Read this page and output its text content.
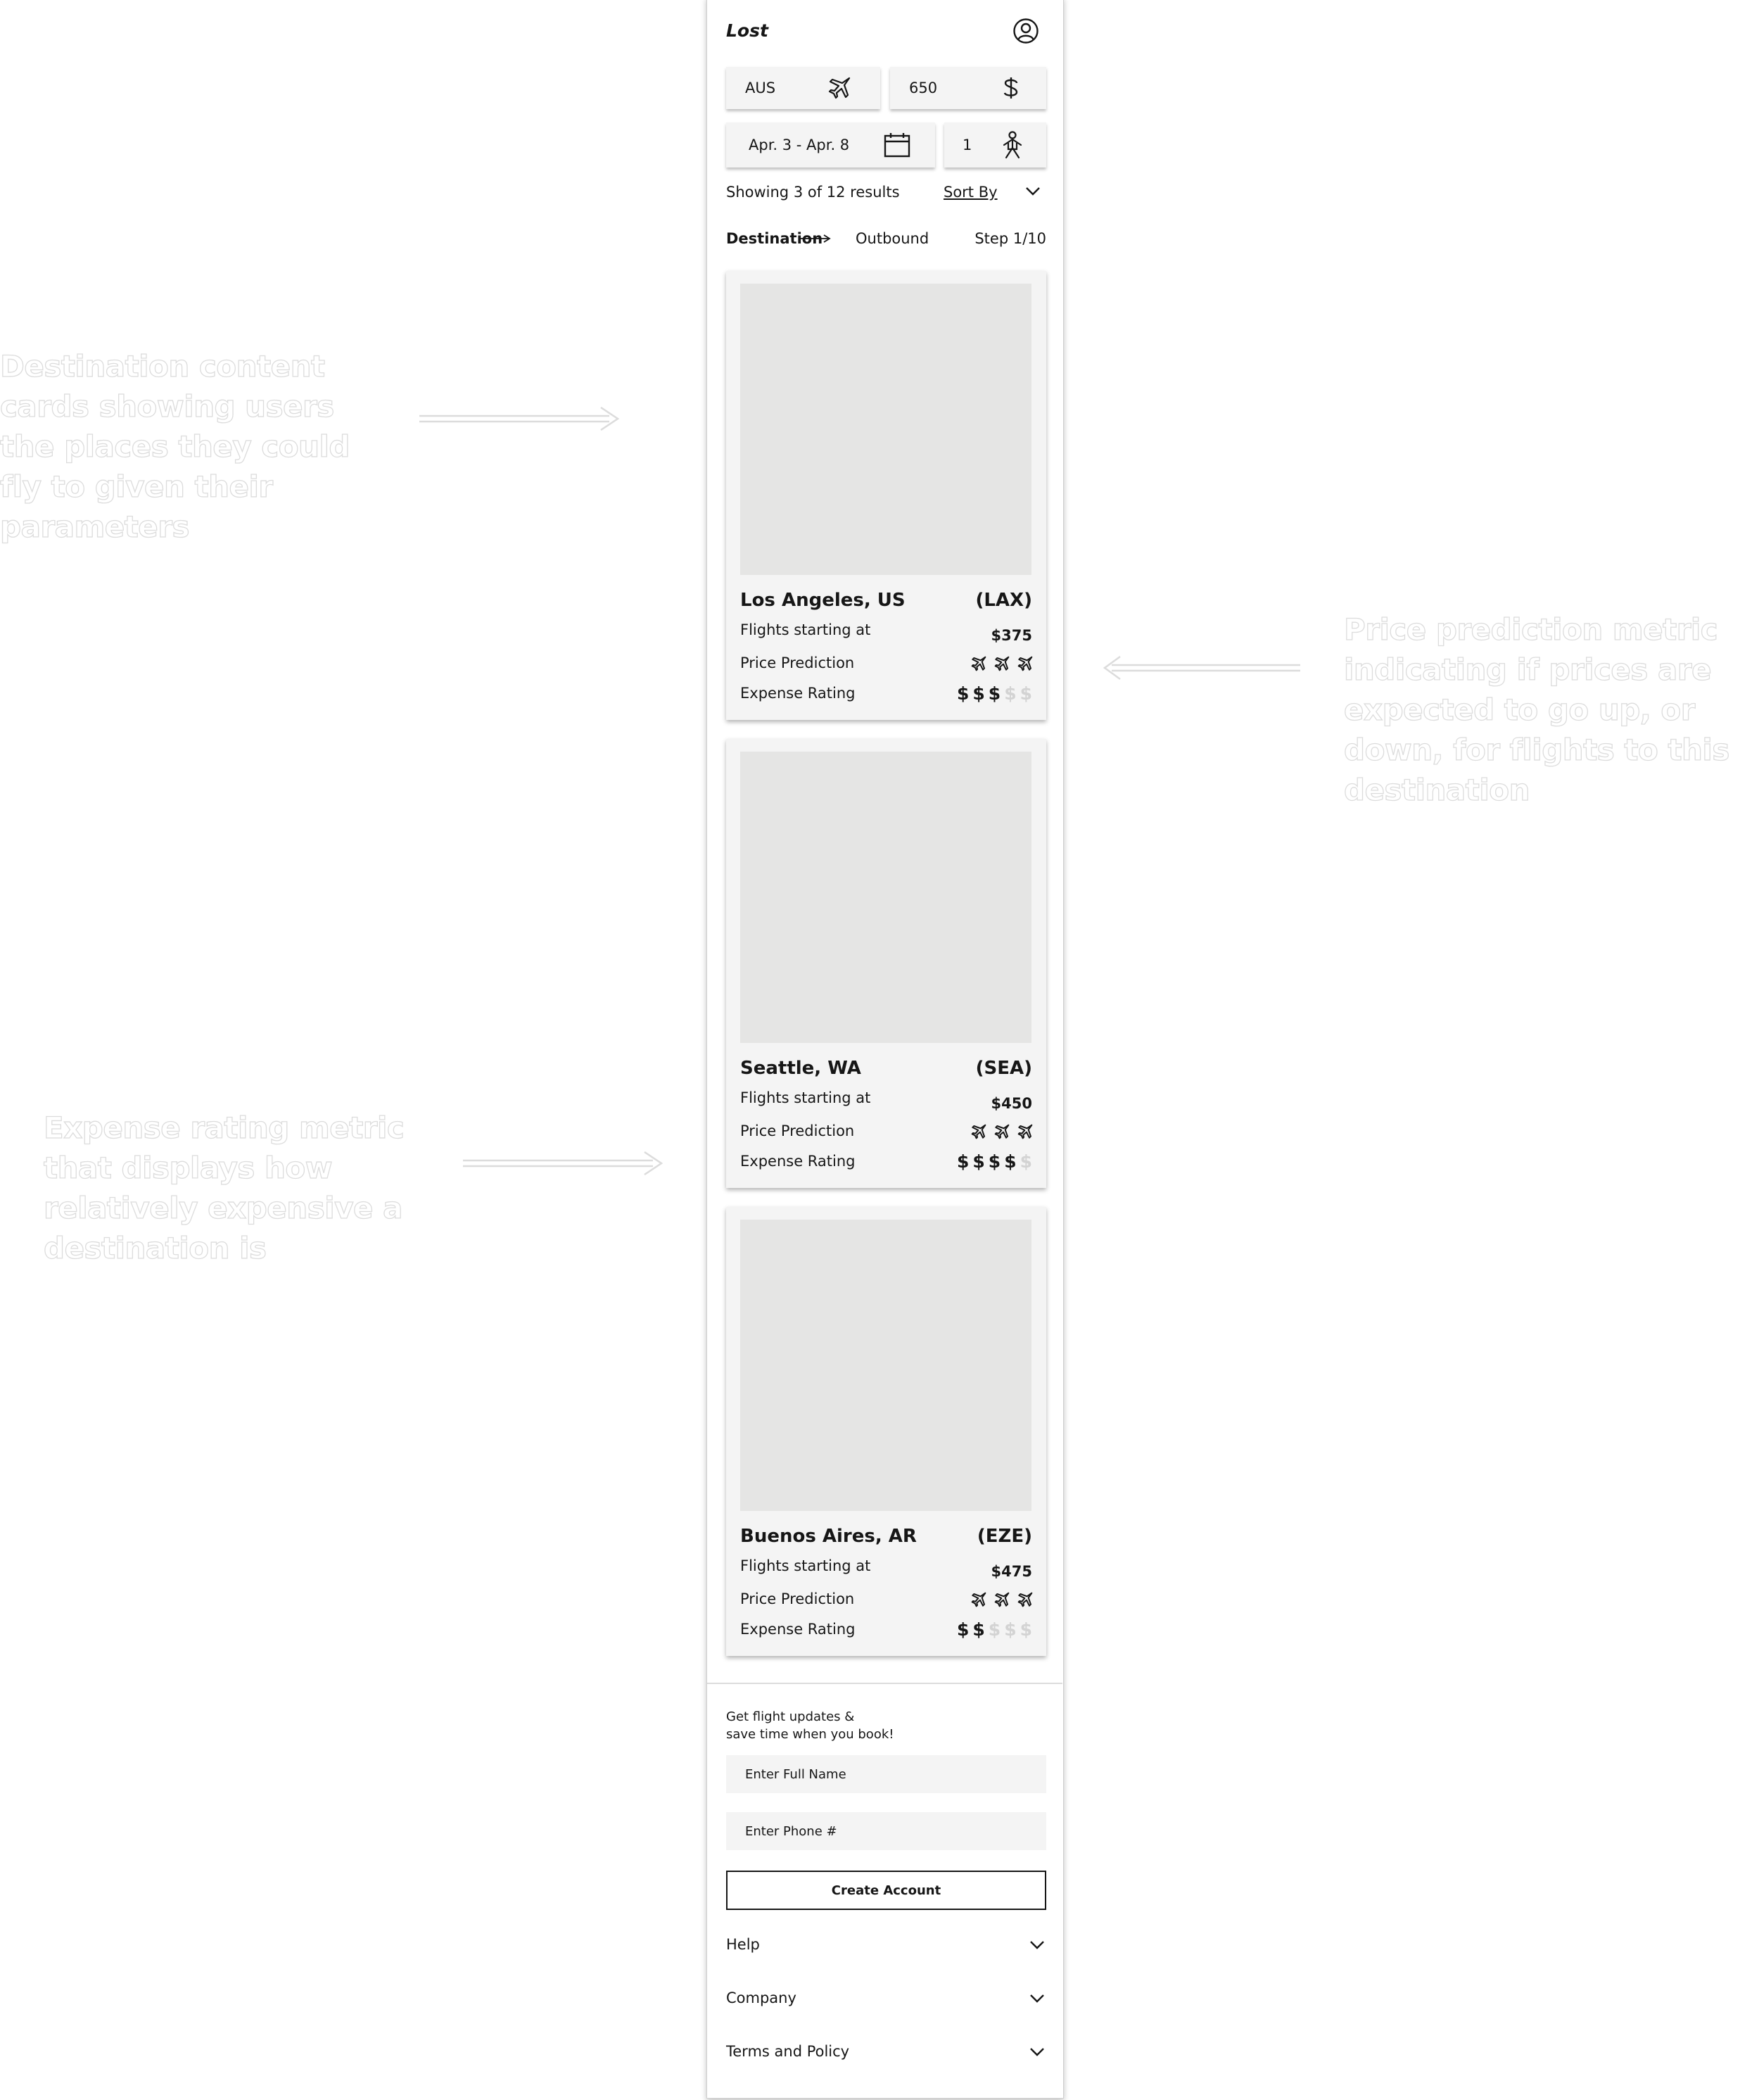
Destination content cards showing users the places they could fly to given their parameters
Price prediction metric indicating if prices are expected to go up, or down, for flights to this destination
Expense rating metric that displays how relatively expensive a destination is
Lost
AUS	650
Apr. 3 - Apr. 8	1
Showing 3 of 12 results	Sort By
Destination Outbound	Step 1/10
Los Angeles, US	(LAX)
Flights starting at	$375
Price Prediction
Expense Rating	$ $ $ $ $
Seattle, WA	(SEA)
Flights starting at	$450
Price Prediction
Expense Rating	$ $ $ $ $
Buenos Aires, AR	(EZE)
Flights starting at	$475
Price Prediction
Expense Rating	$ $ $ $ $
Get flight updates &
save time when you book!
Enter Full Name
Enter Phone #
Create Account
Help
Company
Terms and Policy
